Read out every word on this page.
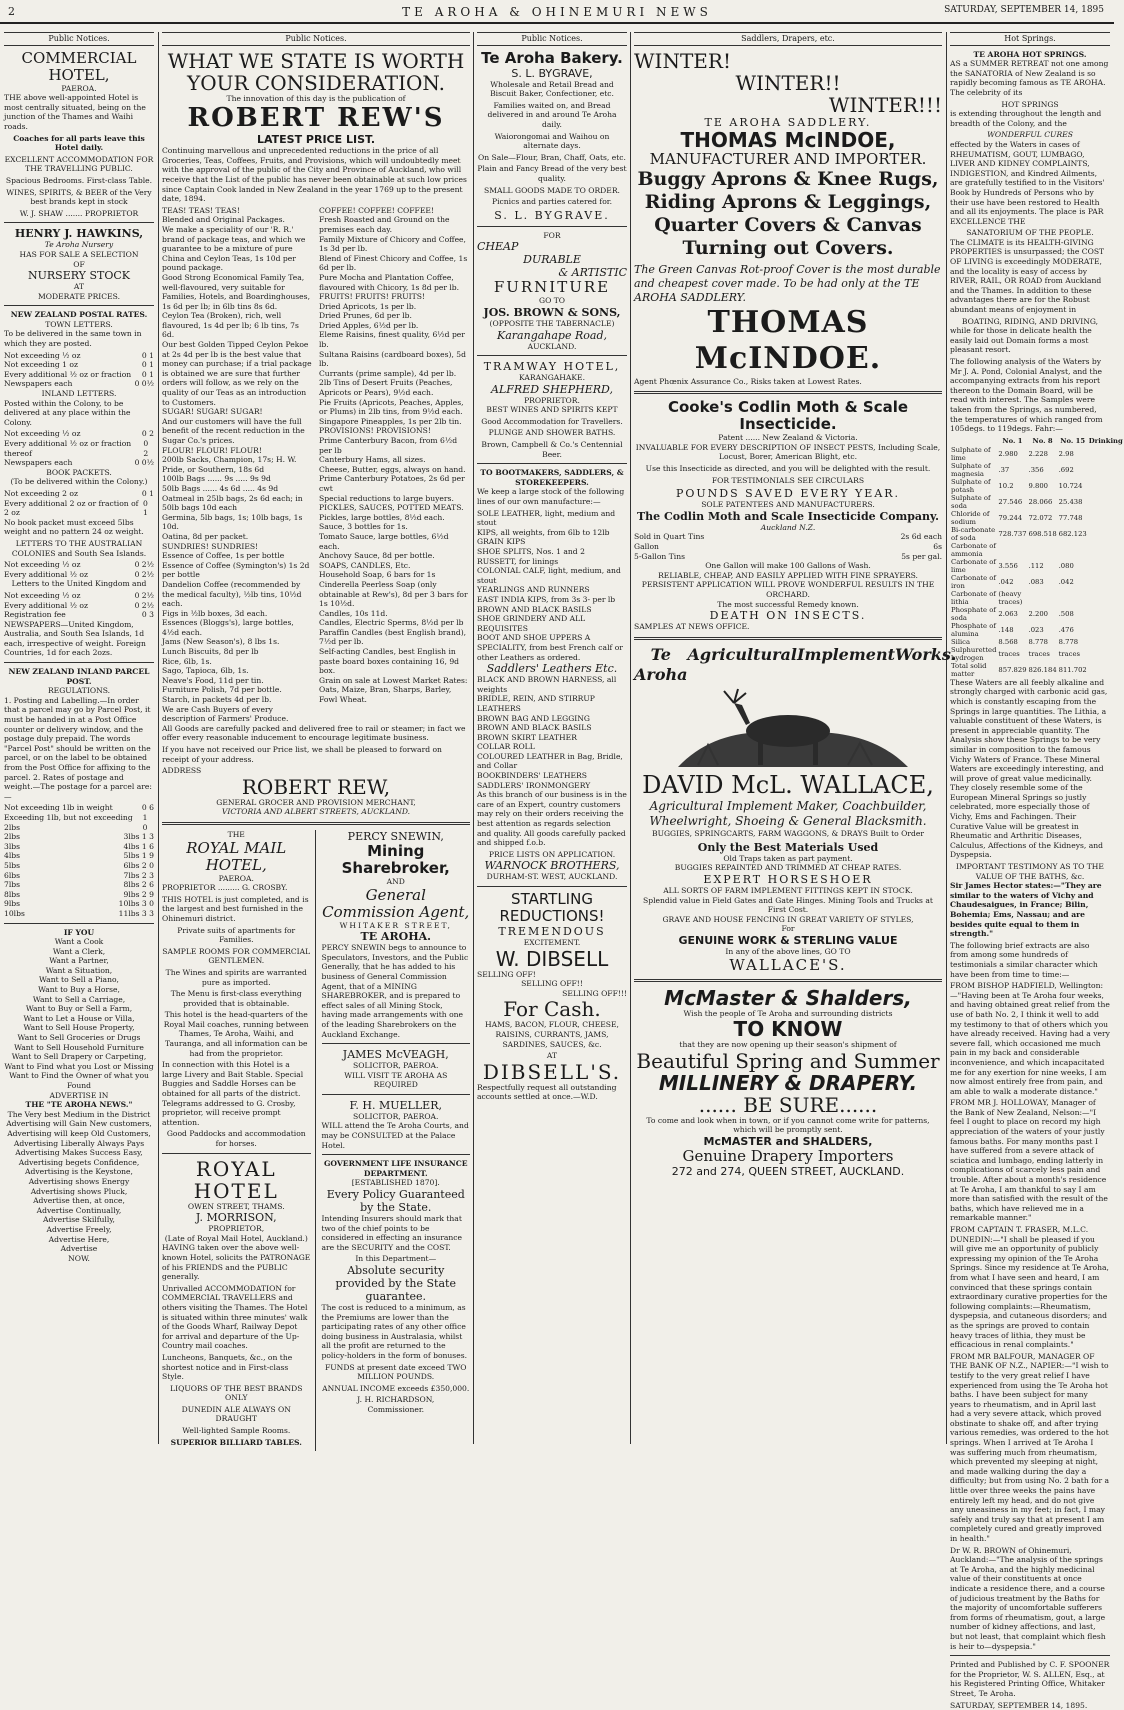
2	TE AROHA & OHINEMURI NEWS	SATURDAY, SEPTEMBER 14, 1895
Public Notices.
COMMERCIAL HOTEL,
PAEROA.

THE above well-appointed Hotel is most centrally situated, being on the junction of the Thames and Waihi roads.

Coaches for all parts leave this Hotel daily.

EXCELLENT ACCOMMODATION FOR THE TRAVELLING PUBLIC.

Spacious Bedrooms. First-class Table.

WINES, SPIRITS, & BEER of the Very best brands kept in stock

W. J. SHAW ....... PROPRIETOR

HENRY J. HAWKINS,
Te Aroha Nursery
HAS FOR SALE A SELECTION
OF
NURSERY STOCK
AT
MODERATE PRICES.
NEW ZEALAND POSTAL RATES.
TOWN LETTERS.

To be delivered in the same town in which they are posted.

Not exceeding ½ oz	0 1
Not exceeding 1 oz	0 1
Every additional ½ oz or fraction 0 1
Newspapers each	0 0½
INLAND LETTERS.

Posted within the Colony, to be delivered at any place within the Colony.

Not exceeding ½ oz	0 2
Every additional ½ oz or fraction thereof
0 2
Newspapers each	0 0½
BOOK PACKETS.

(To be delivered within the Colony.)

Not exceeding 2 oz	0 1
Every additional 2 oz or fraction of 2 oz
0 1

No book packet must exceed 5lbs weight and no pattern 24 oz weight.

LETTERS TO THE AUSTRALIAN COLONIES and South Sea Islands.

Not exceeding ½ oz	0 2½
Every additional ½ oz	0 2½

Letters to the United Kingdom and

Not exceeding ½ oz	0 2½
Every additional ½ oz	0 2½
Registration fee	0 3

NEWSPAPERS—United Kingdom, Australia, and South Sea Islands, 1d each, irrespective of weight. Foreign Countries, 1d for each 2ozs.

NEW ZEALAND INLAND PARCEL POST.
REGULATIONS.

1. Posting and Labelling.—In order that a parcel may go by Parcel Post, it must be handed in at a Post Office counter or delivery window, and the postage duly prepaid. The words "Parcel Post" should be written on the parcel, or on the label to be obtained from the Post Office for affixing to the parcel. 2. Rates of postage and weight.—The postage for a parcel are:—

Not exceeding 1lb in weight	0 6
Exceeding 1lb, but not exceeding 2lbs
1 0
2lbs	3lbs 1 3
3lbs	4lbs 1 6
4lbs	5lbs 1 9
5lbs	6lbs 2 0
6lbs	7lbs 2 3
7lbs	8lbs 2 6
8lbs	9lbs 2 9
9lbs	10lbs 3 0
10lbs	11lbs 3 3
IF YOU
Want a Cook
Want a Clerk,
Want a Partner,
Want a Situation,
Want to Sell a Piano,
Want to Buy a Horse,
Want to Sell a Carriage,
Want to Buy or Sell a Farm,
Want to Let a House or Villa,
Want to Sell House Property,
Want to Sell Groceries or Drugs
Want to Sell Household Furniture
Want to Sell Drapery or Carpeting,
Want to Find what you Lost or Missing
Want to Find the Owner of what you Found
ADVERTISE IN
THE "TE AROHA NEWS."
The Very best Medium in the District
Advertising will Gain New customers,
Advertising will keep Old Customers,
Advertising Liberally Always Pays
Advertising Makes Success Easy,
Advertising begets Confidence,
Advertising is the Keystone,
Advertising shows Energy
Advertising shows Pluck,
Advertise then, at once,
Advertise Continually,
Advertise Skilfully,
Advertise Freely,
Advertise Here,
Advertise
NOW.
Public Notices.
WHAT WE STATE IS WORTH
YOUR CONSIDERATION.
The innovation of this day is the publication of
ROBERT REW'S
LATEST PRICE LIST.

Continuing marvellous and unprecedented reductions in the price of all Groceries, Teas, Coffees, Fruits, and Provisions, which will undoubtedly meet with the approval of the public of the City and Province of Auckland, who will receive that the List of the public has never been obtainable at such low prices since Captain Cook landed in New Zealand in the year 1769 up to the present date, 1894.

TEAS! TEAS! TEAS!
Blended and Original Packages.
We make a speciality of our 'R. R.' brand of package teas, and which we guarantee to be a mixture of pure China and Ceylon Teas, 1s 10d per pound package.
Good Strong Economical Family Tea, well-flavoured, very suitable for Families, Hotels, and Boardinghouses, 1s 6d per lb; in 6lb tins 8s 6d.
Ceylon Tea (Broken), rich, well flavoured, 1s 4d per lb; 6 lb tins, 7s 6d.
Our best Golden Tipped Ceylon Pekoe at 2s 4d per lb is the best value that money can purchase; if a trial package is obtained we are sure that further orders will follow, as we rely on the quality of our Teas as an introduction to Customers.
SUGAR! SUGAR! SUGAR!
And our customers will have the full benefit of the recent reduction in the Sugar Co.'s prices.
FLOUR! FLOUR! FLOUR!
200lb Sacks, Champion, 17s; H. W. Pride, or Southern, 18s 6d
100lb Bags ...... 9s ..... 9s 9d
50lb Bags ...... 4s 6d ..... 4s 9d
Oatmeal in 25lb bags, 2s 6d each; in 50lb bags 10d each
Germina, 5lb bags, 1s; 10lb bags, 1s 10d.
Oatina, 8d per packet.
SUNDRIES! SUNDRIES!
Essence of Coffee, 1s per bottle
Essence of Coffee (Symington's) 1s 2d per bottle
Dandelion Coffee (recommended by the medical faculty), ½lb tins, 10½d each.
Figs in ½lb boxes, 3d each.
Essences (Bloggs's), large bottles, 4½d each.
Jams (New Season's), 8 lbs 1s.
Lunch Biscuits, 8d per lb
Rice, 6lb, 1s.
Sago, Tapioca, 6lb, 1s.
Neave's Food, 11d per tin.
Furniture Polish, 7d per bottle.
Starch, in packets 4d per lb.
We are Cash Buyers of every description of Farmers' Produce.
COFFEE! COFFEE! COFFEE!
Fresh Roasted and Ground on the premises each day.
Family Mixture of Chicory and Coffee, 1s 3d per lb.
Blend of Finest Chicory and Coffee, 1s 6d per lb.
Pure Mocha and Plantation Coffee, flavoured with Chicory, 1s 8d per lb.
FRUITS! FRUITS! FRUITS!
Dried Apricots, 1s per lb.
Dried Prunes, 6d per lb.
Dried Apples, 6½d per lb.
Eleme Raisins, finest quality, 6½d per lb.
Sultana Raisins (cardboard boxes), 5d lb.
Currants (prime sample), 4d per lb.
2lb Tins of Desert Fruits (Peaches, Apricots or Pears), 9½d each.
Pie Fruits (Apricots, Peaches, Apples, or Plums) in 2lb tins, from 9½d each.
Singapore Pineapples, 1s per 2lb tin.
PROVISIONS! PROVISIONS!
Prime Canterbury Bacon, from 6½d per lb
Canterbury Hams, all sizes.
Cheese, Butter, eggs, always on hand.
Prime Canterbury Potatoes, 2s 6d per cwt
Special reductions to large buyers.
PICKLES, SAUCES, POTTED MEATS.
Pickles, large bottles, 8½d each.
Sauce, 3 bottles for 1s.
Tomato Sauce, large bottles, 6½d each.
Anchovy Sauce, 8d per bottle.
SOAPS, CANDLES, Etc.
Household Soap, 6 bars for 1s
Cinderella Peerless Soap (only obtainable at Rew's), 8d per 3 bars for 1s 10½d.
Candles, 10s 11d.
Candles, Electric Sperms, 8½d per lb
Paraffin Candles (best English brand), 7½d per lb.
Self-acting Candles, best English in paste board boxes containing 16, 9d box.
Grain on sale at Lowest Market Rates: Oats, Maize, Bran, Sharps, Barley, Fowl Wheat.

All Goods are carefully packed and delivered free to rail or steamer; in fact we offer every reasonable inducement to encourage legitimate business.

If you have not received our Price list, we shall be pleased to forward on receipt of your address.

ADDRESS
ROBERT REW,
GENERAL GROCER AND PROVISION MERCHANT,
VICTORIA AND ALBERT STREETS, AUCKLAND.
THE
ROYAL MAIL HOTEL,
PAEROA.

PROPRIETOR ......... G. CROSBY.

THIS HOTEL is just completed, and is the largest and best furnished in the Ohinemuri district.

Private suits of apartments for Families.

SAMPLE ROOMS FOR COMMERCIAL GENTLEMEN.

The Wines and spirits are warranted pure as imported.

The Menu is first-class everything provided that is obtainable.

This hotel is the head-quarters of the Royal Mail coaches, running between Thames, Te Aroha, Waihi, and Tauranga, and all information can be had from the proprietor.

In connection with this Hotel is a large Livery and Bait Stable. Special Buggies and Saddle Horses can be obtained for all parts of the district. Telegrams addressed to G. Crosby, proprietor, will receive prompt attention.

Good Paddocks and accommodation for horses.

ROYAL HOTEL
OWEN STREET, THAMS.
J. MORRISON,
PROPRIETOR,
(Late of Royal Mail Hotel, Auckland.)

HAVING taken over the above well-known Hotel, solicits the PATRONAGE of his FRIENDS and the PUBLIC generally.

Unrivalled ACCOMMODATION for COMMERCIAL TRAVELLERS and others visiting the Thames. The Hotel is situated within three minutes' walk of the Goods Wharf, Railway Depot for arrival and departure of the Up-Country mail coaches.

Luncheons, Banquets, &c., on the shortest notice and in First-class Style.

LIQUORS OF THE BEST BRANDS ONLY

DUNEDIN ALE ALWAYS ON DRAUGHT

Well-lighted Sample Rooms.

SUPERIOR BILLIARD TABLES.

PERCY SNEWIN,
Mining Sharebroker,
AND
General Commission Agent,
WHITAKER STREET,
TE AROHA.

PERCY SNEWIN begs to announce to Speculators, Investors, and the Public Generally, that he has added to his business of General Commission Agent, that of a MINING SHAREBROKER, and is prepared to effect sales of all Mining Stock, having made arrangements with one of the leading Sharebrokers on the Auckland Exchange.

JAMES McVEAGH,
SOLICITOR, PAEROA.
WILL VISIT TE AROHA AS REQUIRED
F. H. MUELLER,
SOLICITOR, PAEROA.

WILL attend the Te Aroha Courts, and may be CONSULTED at the Palace Hotel.

GOVERNMENT LIFE INSURANCE DEPARTMENT.
[ESTABLISHED 1870].
Every Policy Guaranteed by the State.

Intending Insurers should mark that two of the chief points to be considered in effecting an insurance are the SECURITY and the COST.

In this Department—
Absolute security provided by the State guarantee.

The cost is reduced to a minimum, as the Premiums are lower than the participating rates of any other office doing business in Australasia, whilst all the profit are returned to the policy-holders in the form of bonuses.

FUNDS at present date exceed TWO MILLION POUNDS.

ANNUAL INCOME exceeds £350,000.

J. H. RICHARDSON,
Commissioner.
Public Notices.
Te Aroha Bakery.
S. L. BYGRAVE,

Wholesale and Retail Bread and Biscuit Baker, Confectioner, etc.

Families waited on, and Bread delivered in and around Te Aroha daily.

Waiorongomai and Waihou on alternate days.

On Sale—Flour, Bran, Chaff, Oats, etc.

Plain and Fancy Bread of the very best quality.

SMALL GOODS MADE TO ORDER.

Picnics and parties catered for.

S. L. BYGRAVE.
FOR
CHEAP
DURABLE
& ARTISTIC
FURNITURE
GO TO
JOS. BROWN & SONS,
(OPPOSITE THE TABERNACLE)
Karangahape Road,
AUCKLAND.
TRAMWAY HOTEL,
KARANGAHAKE.
ALFRED SHEPHERD,
PROPRIETOR.

BEST WINES AND SPIRITS KEPT

Good Accommodation for Travellers.

PLUNGE AND SHOWER BATHS.

Brown, Campbell & Co.'s Centennial Beer.

TO BOOTMAKERS, SADDLERS, & STOREKEEPERS.

We keep a large stock of the following lines of our own manufacture:—

SOLE LEATHER, light, medium and stout
KIPS, all weights, from 6lb to 12lb
GRAIN KIPS
SHOE SPLITS, Nos. 1 and 2
RUSSETT, for linings
COLONIAL CALF, light, medium, and stout
YEARLINGS AND RUNNERS
EAST INDIA KIPS, from 3s 3- per lb
BROWN AND BLACK BASILS
SHOE GRINDERY AND ALL REQUISITES
BOOT AND SHOE UPPERS A SPECIALITY, from best French calf or other Leathers as ordered.
Saddlers' Leathers Etc.
BLACK AND BROWN HARNESS, all weights
BRIDLE, REIN, AND STIRRUP LEATHERS
BROWN BAG AND LEGGING
BROWN AND BLACK BASILS
BROWN SKIRT LEATHER
COLLAR ROLL
COLOURED LEATHER in Bag, Bridle, and Collar
BOOKBINDERS' LEATHERS
SADDLERS' IRONMONGERY

As this branch of our business is in the care of an Expert, country customers may rely on their orders receiving the best attention as regards selection and quality. All goods carefully packed and shipped f.o.b.

PRICE LISTS ON APPLICATION.
WARNOCK BROTHERS,
DURHAM-ST. WEST, AUCKLAND.
STARTLING
REDUCTIONS!
TREMENDOUS
EXCITEMENT.
W. DIBSELL
SELLING OFF!
SELLING OFF!!
SELLING OFF!!!
For Cash.

HAMS, BACON, FLOUR, CHEESE, RAISINS, CURRANTS, JAMS, SARDINES, SAUCES, &c.

AT
DIBSELL'S.

Respectfully request all outstanding accounts settled at once.—W.D.

Saddlers, Drapers, etc.
WINTER!
WINTER!!
WINTER!!!
TE AROHA SADDLERY.
THOMAS McINDOE,
MANUFACTURER AND IMPORTER.
Buggy Aprons & Knee Rugs, Riding Aprons & Leggings, Quarter Covers & Canvas Turning out Covers.
The Green Canvas Rot-proof Cover is the most durable and cheapest cover made. To be had only at the TE AROHA SADDLERY.
THOMAS McINDOE.
Agent Phœnix Assurance Co., Risks taken at Lowest Rates.
Cooke's Codlin Moth & Scale Insecticide.
Patent ...... New Zealand & Victoria.

INVALUABLE FOR EVERY DESCRIPTION OF INSECT PESTS, Including Scale, Locust, Borer, American Blight, etc.

Use this Insecticide as directed, and you will be delighted with the result.

FOR TESTIMONIALS SEE CIRCULARS

POUNDS SAVED EVERY YEAR.
SOLE PATENTEES AND MANUFACTURERS.
The Codlin Moth and Scale Insecticide Company.
Auckland N.Z.
Sold in Quart Tins	2s 6d each
Gallon	6s
5-Gallon Tins	5s per gal.
One Gallon will make 100 Gallons of Wash.
RELIABLE, CHEAP, AND EASILY APPLIED WITH FINE SPRAYERS.
PERSISTENT APPLICATION WILL PROVE WONDERFUL RESULTS IN THE ORCHARD.
The most successful Remedy known.
DEATH ON INSECTS.
SAMPLES AT NEWS OFFICE.
Te Aroha
Agricultural Implement Works.
DAVID McL. WALLACE,
Agricultural Implement Maker, Coachbuilder, Wheelwright, Shoeing & General Blacksmith.

BUGGIES, SPRINGCARTS, FARM WAGGONS, & DRAYS Built to Order

Only the Best Materials Used
Old Traps taken as part payment.
BUGGIES REPAINTED AND TRIMMED AT CHEAP RATES.
EXPERT HORSESHOER
ALL SORTS OF FARM IMPLEMENT FITTINGS KEPT IN STOCK.
Splendid value in Field Gates and Gate Hinges. Mining Tools and Trucks at First Cost.
GRAVE AND HOUSE FENCING IN GREAT VARIETY OF STYLES,
For
GENUINE WORK & STERLING VALUE
In any of the above lines, GO TO
WALLACE'S.
McMaster & Shalders,
Wish the people of Te Aroha and surrounding districts
TO KNOW
that they are now opening up their season's shipment of
Beautiful Spring and Summer
MILLINERY & DRAPERY.
...... BE SURE......
To come and look when in town, or if you cannot come write for patterns, which will be promptly sent.
McMASTER and SHALDERS,
Genuine Drapery Importers
272 and 274, QUEEN STREET, AUCKLAND.
Hot Springs.
TE AROHA HOT SPRINGS.

AS a SUMMER RETREAT not one among the SANATORIA of New Zealand is so rapidly becoming famous as TE AROHA. The celebrity of its

HOT SPRINGS

is extending throughout the length and breadth of the Colony, and the

WONDERFUL CURES

effected by the Waters in cases of RHEUMATISM, GOUT, LUMBAGO, LIVER AND KIDNEY COMPLAINTS, INDIGESTION, and Kindred Ailments, are gratefully testified to in the Visitors' Book by Hundreds of Persons who by their use have been restored to Health and all its enjoyments. The place is PAR EXCELLENCE THE

SANATORIUM OF THE PEOPLE.

The CLIMATE is its HEALTH-GIVING PROPERTIES is unsurpassed; the COST OF LIVING is exceedingly MODERATE, and the locality is easy of access by RIVER, RAIL, OR ROAD from Auckland and the Thames. In addition to these advantages there are for the Robust abundant means of enjoyment in

BOATING, RIDING, AND DRIVING,

while for those in delicate health the easily laid out Domain forms a most pleasant resort.

The following analysis of the Waters by Mr J. A. Pond, Colonial Analyst, and the accompanying extracts from his report thereon to the Domain Board, will be read with interest. The Samples were taken from the Springs, as numbered, the temperatures of which ranged from 105degs. to 119degs. Fahr:—

	No. 1	No. 8	No. 15	Drinking
Sulphate of lime	2.980	2.228	2.98	
Sulphate of magnesia	.37	.356	.692	
Sulphate of potash	10.2	9.800	10.724	
Sulphate of soda	27.546	28.066	25.438	
Chloride of sodium	79.244	72.072	77.748	
Bi-carbonate of soda	728.737	698.518	682.123	
Carbonate of ammonia				
Carbonate of lime	3.556	.112	.080	
Carbonate of iron	.042	.083	.042	
Carbonate of lithia	(heavy traces)			
Phosphate of soda	2.063	2.200	.508	
Phosphate of alumina	.148	.023	.476	
Silica	8.568	8.778	8.778	
Sulphuretted hydrogen	traces	traces	traces	
Total solid matter	857.829	826.184	811.702	

These Waters are all feebly alkaline and strongly charged with carbonic acid gas, which is constantly escaping from the Springs in large quantities. The Lithia, a valuable constituent of these Waters, is present in appreciable quantity. The Analysis show these Springs to be very similar in composition to the famous Vichy Waters of France. These Mineral Waters are exceedingly interesting, and will prove of great value medicinally. They closely resemble some of the European Mineral Springs so justly celebrated, more especially those of Vichy, Ems and Fachingen. Their Curative Value will be greatest in Rheumatic and Arthritic Diseases, Calculus, Affections of the Kidneys, and Dyspepsia.

IMPORTANT TESTIMONY AS TO THE VALUE OF THE BATHS, &c.

Sir James Hector states:—"They are similar to the waters of Vichy and Chaudesaigues, in France; Bilin, Bohemia; Ems, Nassau; and are besides quite equal to them in strength."

The following brief extracts are also from among some hundreds of testimonials a similar character which have been from time to time:—

FROM BISHOP HADFIELD, Wellington:—"Having been at Te Aroha four weeks, and having obtained great relief from the use of bath No. 2, I think it well to add my testimony to that of others which you have already received. Having had a very severe fall, which occasioned me much pain in my back and considerable inconvenience, and which incapacitated me for any exertion for nine weeks, I am now almost entirely free from pain, and am able to walk a moderate distance."

FROM MR J. HOLLOWAY, Manager of the Bank of New Zealand, Nelson:—"I feel I ought to place on record my high appreciation of the waters of your justly famous baths. For many months past I have suffered from a severe attack of sciatica and lumbago, ending latterly in complications of scarcely less pain and trouble. After about a month's residence at Te Aroha, I am thankful to say I am more than satisfied with the result of the baths, which have relieved me in a remarkable manner."

FROM CAPTAIN T. FRASER, M.L.C. DUNEDIN:—"I shall be pleased if you will give me an opportunity of publicly expressing my opinion of the Te Aroha Springs. Since my residence at Te Aroha, from what I have seen and heard, I am convinced that these springs contain extraordinary curative properties for the following complaints:—Rheumatism, dyspepsia, and cutaneous disorders; and as the springs are proved to contain heavy traces of lithia, they must be efficacious in renal complaints."

FROM MR BALFOUR, MANAGER OF THE BANK OF N.Z., NAPIER:—"I wish to testify to the very great relief I have experienced from using the Te Aroha hot baths. I have been subject for many years to rheumatism, and in April last had a very severe attack, which proved obstinate to shake off, and after trying various remedies, was ordered to the hot springs. When I arrived at Te Aroha I was suffering much from rheumatism, which prevented my sleeping at night, and made walking during the day a difficulty; but from using No. 2 bath for a little over three weeks the pains have entirely left my head, and do not give any uneasiness in my feet; in fact, I may safely and truly say that at present I am completely cured and greatly improved in health."

Dr W. R. BROWN of Ohinemuri, Auckland:—"The analysis of the springs at Te Aroha, and the highly medicinal value of their constituents at once indicate a residence there, and a course of judicious treatment by the Baths for the majority of uncomfortable sufferers from forms of rheumatism, gout, a large number of kidney affections, and last, but not least, that complaint which flesh is heir to—dyspepsia."

Printed and Published by C. F. SPOONER for the Proprietor, W. S. ALLEN, Esq., at his Registered Printing Office, Whitaker Street, Te Aroha.

SATURDAY, SEPTEMBER 14, 1895.
